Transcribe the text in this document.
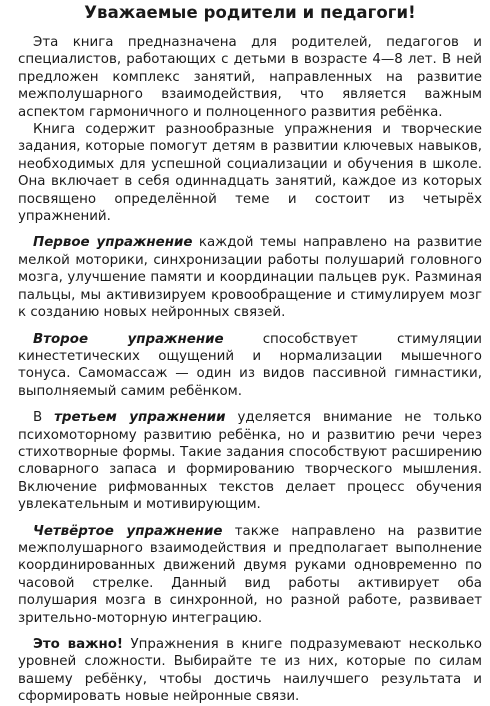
Уважаемые родители и педагоги!

Эта книга предназначена для родителей, педагогов и специалистов, работающих с детьми в возрасте 4—8 лет. В ней предложен комплекс занятий, направленных на развитие межполушарного взаимодействия, что является важным аспектом гармоничного и полноценного развития ребёнка.

Книга содержит разнообразные упражнения и творческие задания, которые помогут детям в развитии ключевых навыков, необходимых для успешной социализации и обучения в школе. Она включает в себя одиннадцать занятий, каждое из которых посвящено определённой теме и состоит из четырёх упражнений.

Первое упражнение каждой темы направлено на развитие мелкой моторики, синхронизации работы полушарий головного мозга, улучшение памяти и координации пальцев рук. Разминая пальцы, мы активизируем кровообращение и стимулируем мозг к созданию новых нейронных связей.

Второе упражнение способствует стимуляции кинестетических ощущений и нормализации мышечного тонуса. Самомассаж — один из видов пассивной гимнастики, выполняемый самим ребёнком.

В третьем упражнении уделяется внимание не только психомоторному развитию ребёнка, но и развитию речи через стихотворные формы. Такие задания способствуют расширению словарного запаса и формированию творческого мышления. Включение рифмованных текстов делает процесс обучения увлекательным и мотивирующим.

Четвёртое упражнение также направлено на развитие межполушарного взаимодействия и предполагает выполнение координированных движений двумя руками одновременно по часовой стрелке. Данный вид работы активирует оба полушария мозга в синхронной, но разной работе, развивает зрительно-моторную интеграцию.

Это важно! Упражнения в книге подразумевают несколько уровней сложности. Выбирайте те из них, которые по силам вашему ребёнку, чтобы достичь наилучшего результата и сформировать новые нейронные связи.
